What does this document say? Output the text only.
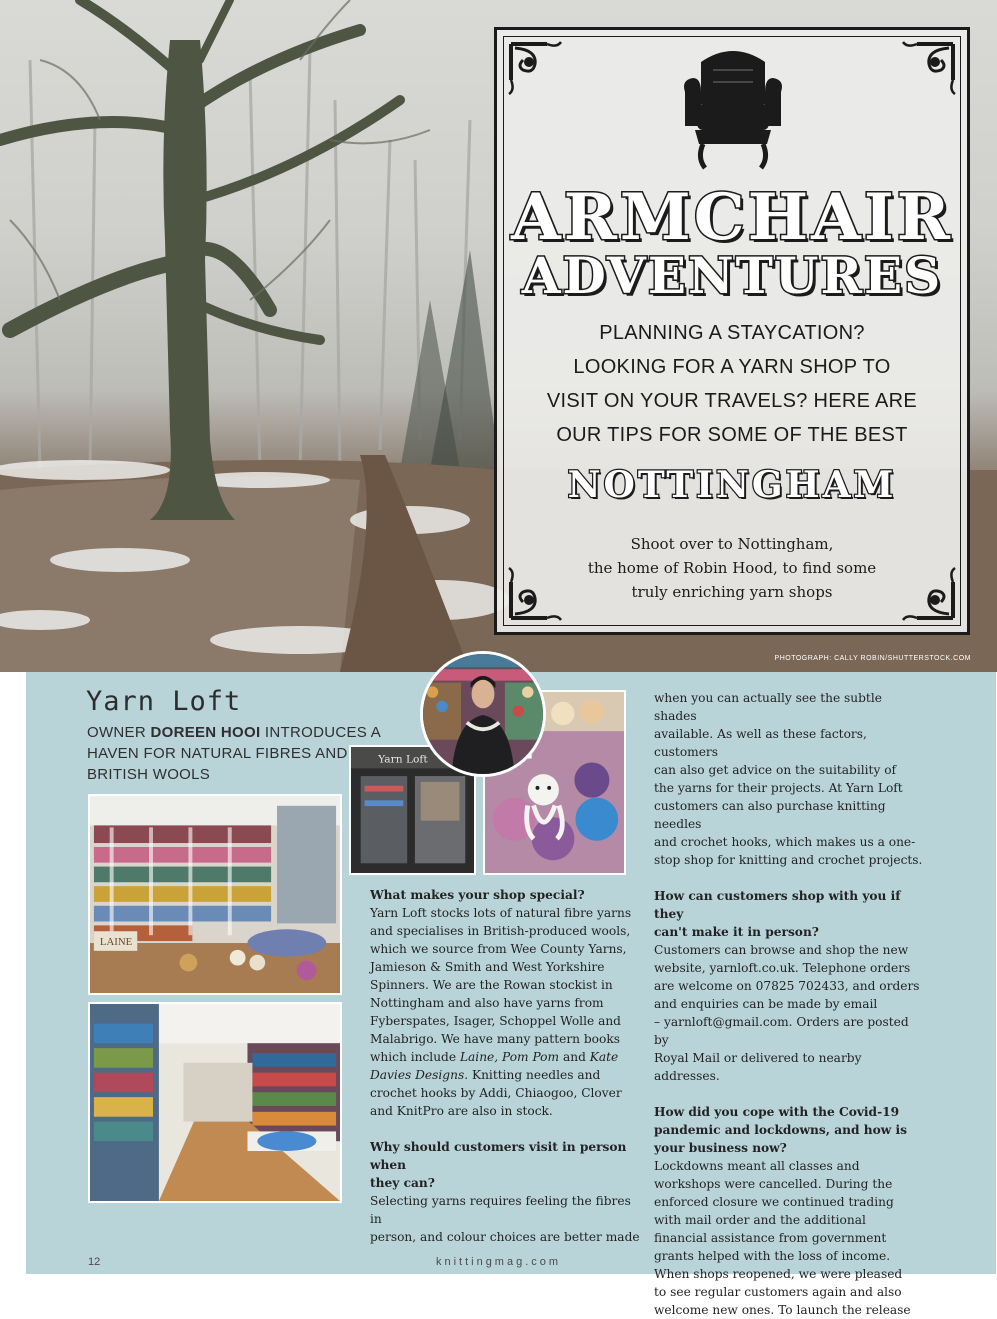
PHOTOGRAPH: CALLY ROBIN/SHUTTERSTOCK.COM
ARMCHAIR
ADVENTURES
PLANNING A STAYCATION?
LOOKING FOR A YARN SHOP TO
VISIT ON YOUR TRAVELS? HERE ARE
OUR TIPS FOR SOME OF THE BEST
NOTTINGHAM
Shoot over to Nottingham,
the home of Robin Hood, to find some
truly enriching yarn shops
Yarn Loft
OWNER DOREEN HOOI INTRODUCES A HAVEN FOR NATURAL FIBRES AND BRITISH WOOLS
LAINE
Yarn Loft

What makes your shop special?

Yarn Loft stocks lots of natural fibre yarns

and specialises in British-produced wools,

which we source from Wee County Yarns,

Jamieson & Smith and West Yorkshire

Spinners. We are the Rowan stockist in

Nottingham and also have yarns from

Fyberspates, Isager, Schoppel Wolle and

Malabrigo. We have many pattern books

which include Laine, Pom Pom and Kate

Davies Designs. Knitting needles and

crochet hooks by Addi, Chiaogoo, Clover

and KnitPro are also in stock.

Why should customers visit in person when

they can?

Selecting yarns requires feeling the fibres in

person, and colour choices are better made

when you can actually see the subtle shades

available. As well as these factors, customers

can also get advice on the suitability of

the yarns for their projects. At Yarn Loft

customers can also purchase knitting needles

and crochet hooks, which makes us a one-

stop shop for knitting and crochet projects.

How can customers shop with you if they

can't make it in person?

Customers can browse and shop the new

website, yarnloft.co.uk. Telephone orders

are welcome on 07825 702433, and orders

and enquiries can be made by email

– yarnloft@gmail.com. Orders are posted by

Royal Mail or delivered to nearby addresses.

How did you cope with the Covid-19

pandemic and lockdowns, and how is

your business now?

Lockdowns meant all classes and

workshops were cancelled. During the

enforced closure we continued trading

with mail order and the additional

financial assistance from government

grants helped with the loss of income.

When shops reopened, we were pleased

to see regular customers again and also

welcome new ones. To launch the release

12	knittingmag.com
